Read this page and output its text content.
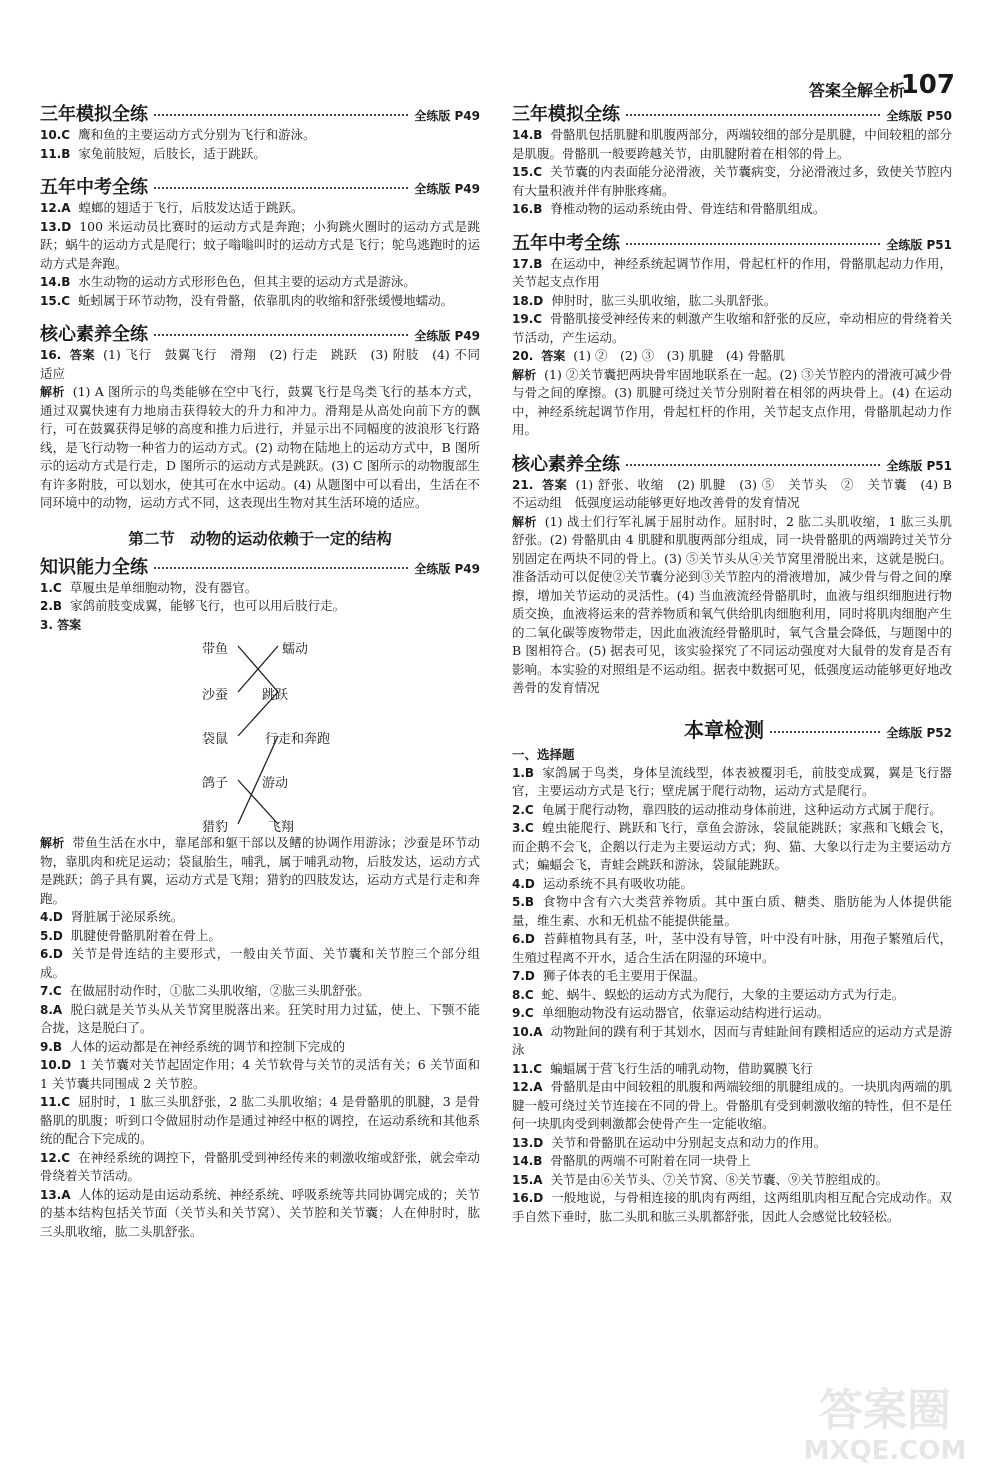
答案全解全析
107
三年模拟全练	全练版 P49

10.C 鹰和鱼的主要运动方式分别为飞行和游泳。

11.B 家兔前肢短，后肢长，适于跳跃。

五年中考全练	全练版 P49

12.A 蝗螂的翅适于飞行，后肢发达适于跳跃。

13.D 100 米运动员比赛时的运动方式是奔跑；小狗跳火圈时的运动方式是跳跃；蜗牛的运动方式是爬行；蚊子嗡嗡叫时的运动方式是飞行；鸵鸟逃跑时的运动方式是奔跑。

14.B 水生动物的运动方式形形色色，但其主要的运动方式是游泳。

15.C 蚯蚓属于环节动物，没有骨骼，依靠肌肉的收缩和舒张缓慢地蠕动。

核心素养全练	全练版 P49

16. 答案 (1) 飞行　鼓翼飞行　滑翔　(2) 行走　跳跃　(3) 附肢　(4) 不同　适应

解析 (1) A 图所示的鸟类能够在空中飞行，鼓翼飞行是鸟类飞行的基本方式，通过双翼快速有力地扇击获得较大的升力和冲力。滑翔是从高处向前下方的飘行，可在鼓翼获得足够的高度和推力后进行，并显示出不同幅度的波浪形飞行路线，是飞行动物一种省力的运动方式。(2) 动物在陆地上的运动方式中，B 图所示的运动方式是行走，D 图所示的运动方式是跳跃。(3) C 图所示的动物腹部生有许多附肢，可以划水，使其可在水中运动。(4) 从题图中可以看出，生活在不同环境中的动物，运动方式不同，这表现出生物对其生活环境的适应。

第二节　动物的运动依赖于一定的结构
知识能力全练	全练版 P49

1.C 草履虫是单细胞动物，没有器官。

2.B 家鸽前肢变成翼，能够飞行，也可以用后肢行走。

3. 答案

带鱼
沙蚕
袋鼠
鸽子
猎豹
蠕动
跳跃
行走和奔跑
游动
飞翔

解析 带鱼生活在水中，靠尾部和躯干部以及鳍的协调作用游泳；沙蚕是环节动物，靠肌肉和疣足运动；袋鼠胎生，哺乳，属于哺乳动物，后肢发达，运动方式是跳跃；鸽子具有翼，运动方式是飞翔；猎豹的四肢发达，运动方式是行走和奔跑。

4.D 肾脏属于泌尿系统。

5.D 肌腱使骨骼肌附着在骨上。

6.D 关节是骨连结的主要形式，一般由关节面、关节囊和关节腔三个部分组成。

7.C 在做屈肘动作时，①肱二头肌收缩，②肱三头肌舒张。

8.A 脱臼就是关节头从关节窝里脱落出来。狂笑时用力过猛，使上、下颚不能合拢，这是脱臼了。

9.B 人体的运动都是在神经系统的调节和控制下完成的

10.D 1 关节囊对关节起固定作用；4 关节软骨与关节的灵活有关；6 关节面和 1 关节囊共同围成 2 关节腔。

11.C 屈肘时，1 肱三头肌舒张，2 肱二头肌收缩；4 是骨骼肌的肌腱，3 是骨骼肌的肌腹；听到口令做屈肘动作是通过神经中枢的调控，在运动系统和其他系统的配合下完成的。

12.C 在神经系统的调控下，骨骼肌受到神经传来的刺激收缩或舒张，就会牵动骨绕着关节活动。

13.A 人体的运动是由运动系统、神经系统、呼吸系统等共同协调完成的；关节的基本结构包括关节面（关节头和关节窝）、关节腔和关节囊；人在伸肘时，肱三头肌收缩，肱二头肌舒张。

三年模拟全练	全练版 P50

14.B 骨骼肌包括肌腱和肌腹两部分，两端较细的部分是肌腱，中间较粗的部分是肌腹。骨骼肌一般要跨越关节，由肌腱附着在相邻的骨上。

15.C 关节囊的内表面能分泌滑液，关节囊病变，分泌滑液过多，致使关节腔内有大量积液并伴有肿胀疼痛。

16.B 脊椎动物的运动系统由骨、骨连结和骨骼肌组成。

五年中考全练	全练版 P51

17.B 在运动中，神经系统起调节作用，骨起杠杆的作用，骨骼肌起动力作用，关节起支点作用

18.D 伸肘时，肱三头肌收缩，肱二头肌舒张。

19.C 骨骼肌接受神经传来的刺激产生收缩和舒张的反应，牵动相应的骨绕着关节活动，产生运动。

20. 答案 (1) ②　(2) ③　(3) 肌腱　(4) 骨骼肌

解析 (1) ②关节囊把两块骨牢固地联系在一起。(2) ③关节腔内的滑液可减少骨与骨之间的摩擦。(3) 肌腱可绕过关节分别附着在相邻的两块骨上。(4) 在运动中，神经系统起调节作用，骨起杠杆的作用，关节起支点作用，骨骼肌起动力作用。

核心素养全练	全练版 P51

21. 答案 (1) 舒张、收缩　(2) 肌腱　(3) ⑤　关节头　②　关节囊　(4) B　不运动组　低强度运动能够更好地改善骨的发育情况

解析 (1) 战士们行军礼属于屈肘动作。屈肘时，2 肱二头肌收缩，1 肱三头肌舒张。(2) 骨骼肌由 4 肌腱和肌腹两部分组成，同一块骨骼肌的两端跨过关节分别固定在两块不同的骨上。(3) ⑤关节头从④关节窝里滑脱出来，这就是脱臼。准备活动可以促使②关节囊分泌到③关节腔内的滑液增加，减少骨与骨之间的摩擦，增加关节运动的灵活性。(4) 当血液流经骨骼肌时，血液与组织细胞进行物质交换，血液将运来的营养物质和氧气供给肌肉细胞利用，同时将肌肉细胞产生的二氧化碳等废物带走，因此血液流经骨骼肌时，氧气含量会降低，与题图中的 B 图相符合。(5) 据表可见，该实验探究了不同运动强度对大鼠骨的发育是否有影响。本实验的对照组是不运动组。据表中数据可见，低强度运动能够更好地改善骨的发育情况

本章检测	全练版 P52
一、选择题

1.B 家鸽属于鸟类，身体呈流线型，体表被覆羽毛，前肢变成翼，翼是飞行器官，主要运动方式是飞行；壁虎属于爬行动物，运动方式是爬行。

2.C 龟属于爬行动物，靠四肢的运动推动身体前进，这种运动方式属于爬行。

3.C 蝗虫能爬行、跳跃和飞行，章鱼会游泳，袋鼠能跳跃；家燕和飞蛾会飞，而企鹅不会飞，企鹅以行走为主要运动方式；狗、猫、大象以行走为主要运动方式；蝙蝠会飞，青蛙会跳跃和游泳，袋鼠能跳跃。

4.D 运动系统不具有吸收功能。

5.B 食物中含有六大类营养物质。其中蛋白质、糖类、脂肪能为人体提供能量，维生素、水和无机盐不能提供能量。

6.D 苔藓植物具有茎，叶，茎中没有导管，叶中没有叶脉，用孢子繁殖后代，生殖过程离不开水，适合生活在阴湿的环境中。

7.D 狮子体表的毛主要用于保温。

8.C 蛇、蜗牛、蜈蚣的运动方式为爬行，大象的主要运动方式为行走。

9.C 单细胞动物没有运动器官，依靠运动结构进行运动。

10.A 动物趾间的蹼有利于其划水，因而与青蛙趾间有蹼相适应的运动方式是游泳

11.C 蝙蝠属于营飞行生活的哺乳动物，借助翼膜飞行

12.A 骨骼肌是由中间较粗的肌腹和两端较细的肌腱组成的。一块肌肉两端的肌腱一般可绕过关节连接在不同的骨上。骨骼肌有受到刺激收缩的特性，但不是任何一块肌肉受到刺激都会使骨产生一定能收缩。

13.D 关节和骨骼肌在运动中分别起支点和动力的作用。

14.B 骨骼肌的两端不可附着在同一块骨上

15.A 关节是由⑥关节头、⑦关节窝、⑧关节囊、⑨关节腔组成的。

16.D 一般地说，与骨相连接的肌肉有两组，这两组肌肉相互配合完成动作。双手自然下垂时，肱二头肌和肱三头肌都舒张，因此人会感觉比较轻松。

答案圈
MXQE.COM
